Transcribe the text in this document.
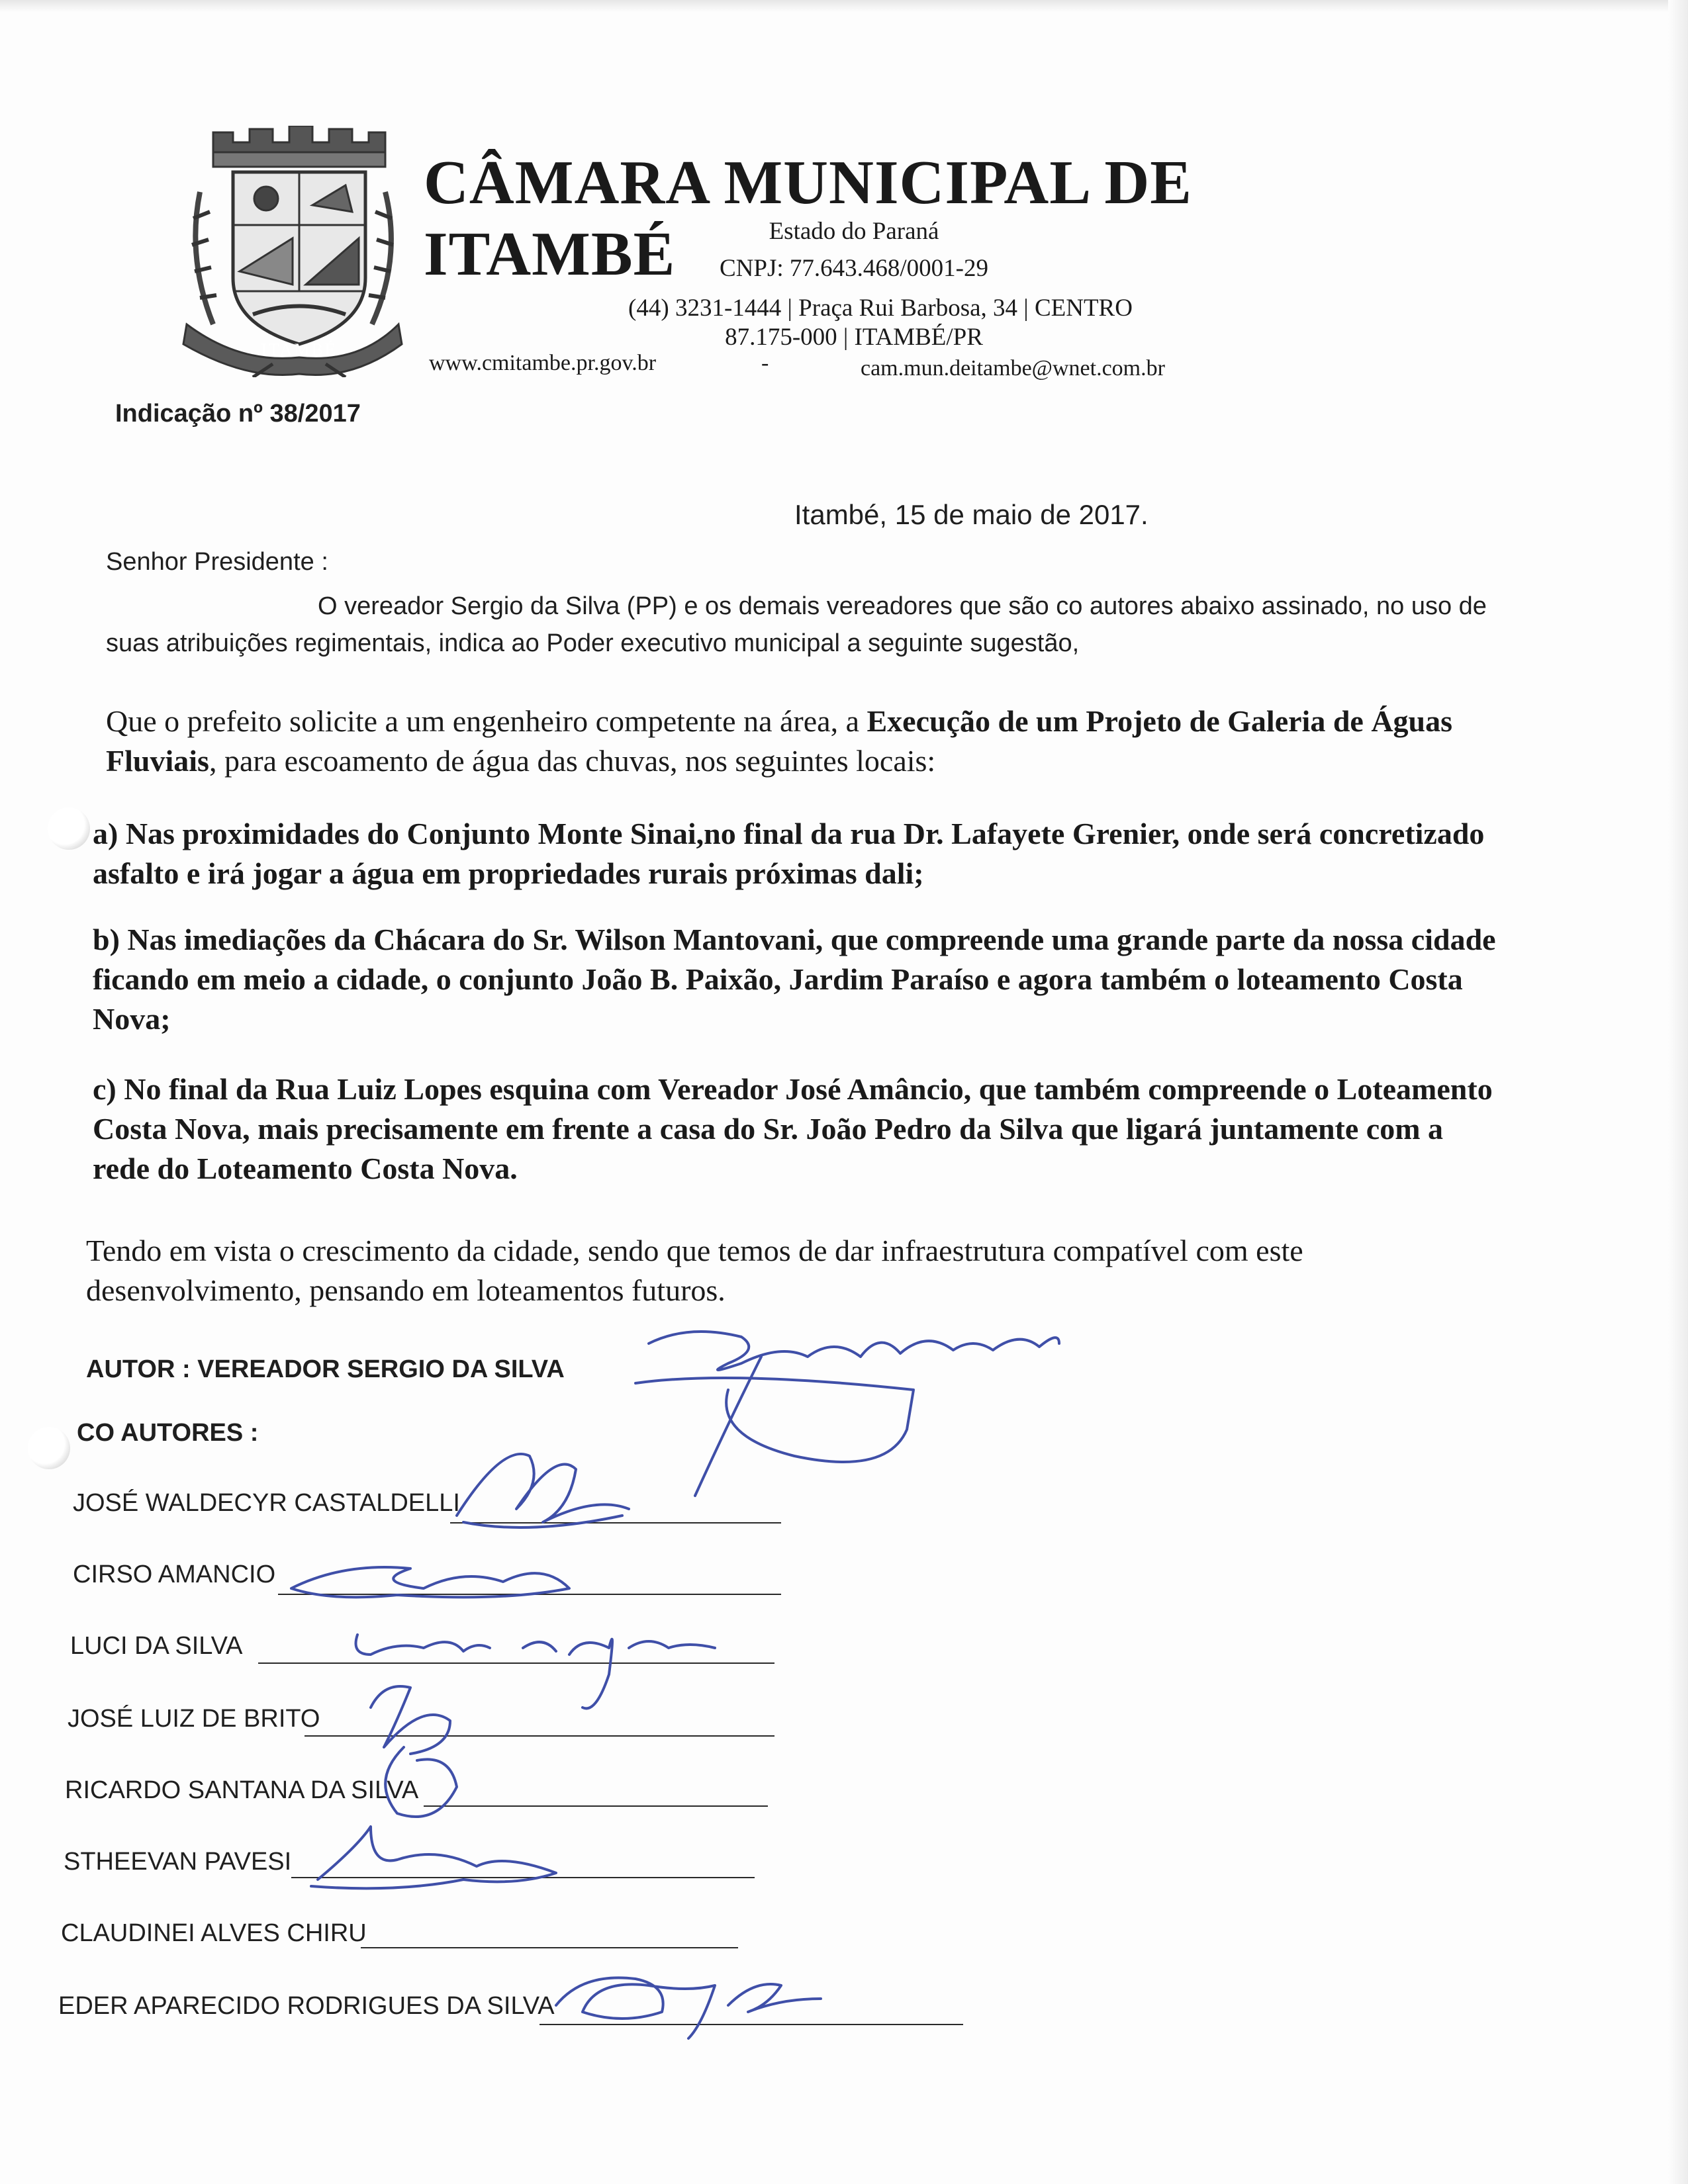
ITAMBÉ
CÂMARA MUNICIPAL DE ITAMBÉ	Estado do Paraná
CNPJ: 77.643.468/0001-29
(44) 3231-1444 | Praça Rui Barbosa, 34 | CENTRO
87.175-000 | ITAMBÉ/PR
www.cmitambe.pr.gov.br	-	cam.mun.deitambe@wnet.com.br
Indicação nº 38/2017
Itambé, 15 de maio de 2017.
Senhor Presidente :
O vereador Sergio da Silva (PP) e os demais vereadores que são co autores abaixo assinado, no uso de suas atribuições regimentais, indica ao Poder executivo municipal a seguinte sugestão,
Que o prefeito solicite a um engenheiro competente na área, a Execução de um Projeto de Galeria de Águas Fluviais, para escoamento de água das chuvas, nos seguintes locais:
a) Nas proximidades do Conjunto Monte Sinai,no final da rua Dr. Lafayete Grenier, onde será concretizado asfalto e irá jogar a água em propriedades rurais próximas dali;
b) Nas imediações da Chácara do Sr. Wilson Mantovani, que compreende uma grande parte da nossa cidade ficando em meio a cidade, o conjunto João B. Paixão, Jardim Paraíso e agora também o loteamento Costa Nova;
c) No final da Rua Luiz Lopes esquina com Vereador José Amâncio, que também compreende o Loteamento Costa Nova, mais precisamente em frente a casa do Sr. João Pedro da Silva que ligará juntamente com a rede do Loteamento Costa Nova.
Tendo em vista o crescimento da cidade, sendo que temos de dar infraestrutura compatível com este desenvolvimento, pensando em loteamentos futuros.
AUTOR : VEREADOR SERGIO DA SILVA
CO AUTORES :
JOSÉ WALDECYR CASTALDELLI
CIRSO AMANCIO
LUCI DA SILVA
JOSÉ LUIZ DE BRITO
RICARDO SANTANA DA SILVA
STHEEVAN PAVESI
CLAUDINEI ALVES CHIRU
EDER APARECIDO RODRIGUES DA SILVA
